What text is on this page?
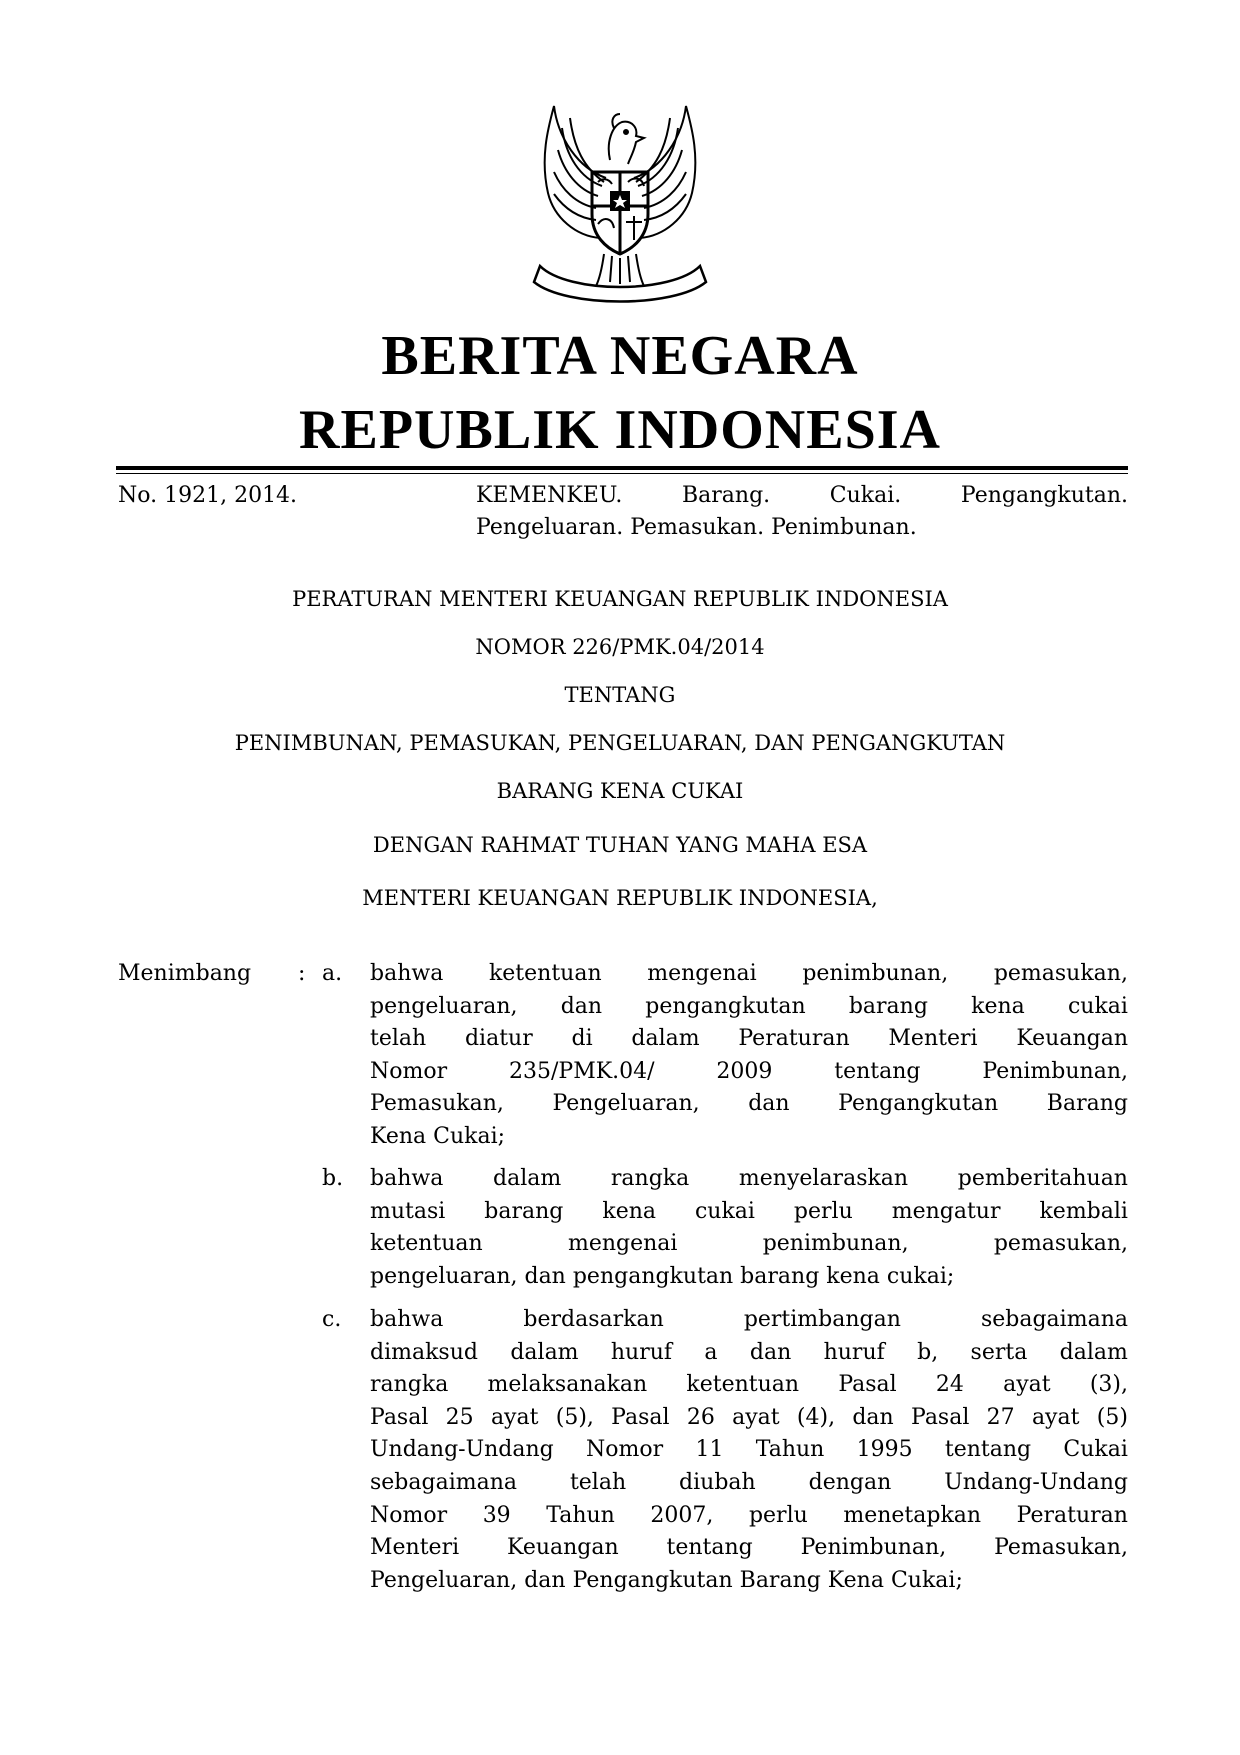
BERITA NEGARA
REPUBLIK INDONESIA
No. 1921, 2014.	KEMENKEU.	Barang.	Cukai.	Pengangkutan.
Pengeluaran. Pemasukan. Penimbunan.
PERATURAN MENTERI KEUANGAN REPUBLIK INDONESIA
NOMOR 226/PMK.04/2014
TENTANG
PENIMBUNAN, PEMASUKAN, PENGELUARAN, DAN PENGANGKUTAN
BARANG KENA CUKAI
DENGAN RAHMAT TUHAN YANG MAHA ESA
MENTERI KEUANGAN REPUBLIK INDONESIA,
Menimbang : a.	bahwa ketentuan mengenai penimbunan, pemasukan,
pengeluaran, dan pengangkutan barang kena cukai
telah diatur di dalam Peraturan Menteri Keuangan
Nomor	235/PMK.04/	2009	tentang	Penimbunan,
Pemasukan, Pengeluaran, dan Pengangkutan Barang
Kena Cukai;
b.	bahwa dalam rangka menyelaraskan pemberitahuan
mutasi barang kena cukai perlu mengatur kembali
ketentuan	mengenai	penimbunan,	pemasukan,
pengeluaran, dan pengangkutan barang kena cukai;
c.	bahwa	berdasarkan	pertimbangan	sebagaimana
dimaksud dalam huruf a dan huruf b, serta dalam
rangka melaksanakan ketentuan Pasal 24 ayat (3),
Pasal 25 ayat (5), Pasal 26 ayat (4), dan Pasal 27 ayat (5)
Undang-Undang Nomor 11 Tahun 1995 tentang Cukai
sebagaimana telah diubah dengan Undang-Undang
Nomor 39 Tahun 2007, perlu menetapkan Peraturan
Menteri Keuangan tentang Penimbunan, Pemasukan,
Pengeluaran, dan Pengangkutan Barang Kena Cukai;
